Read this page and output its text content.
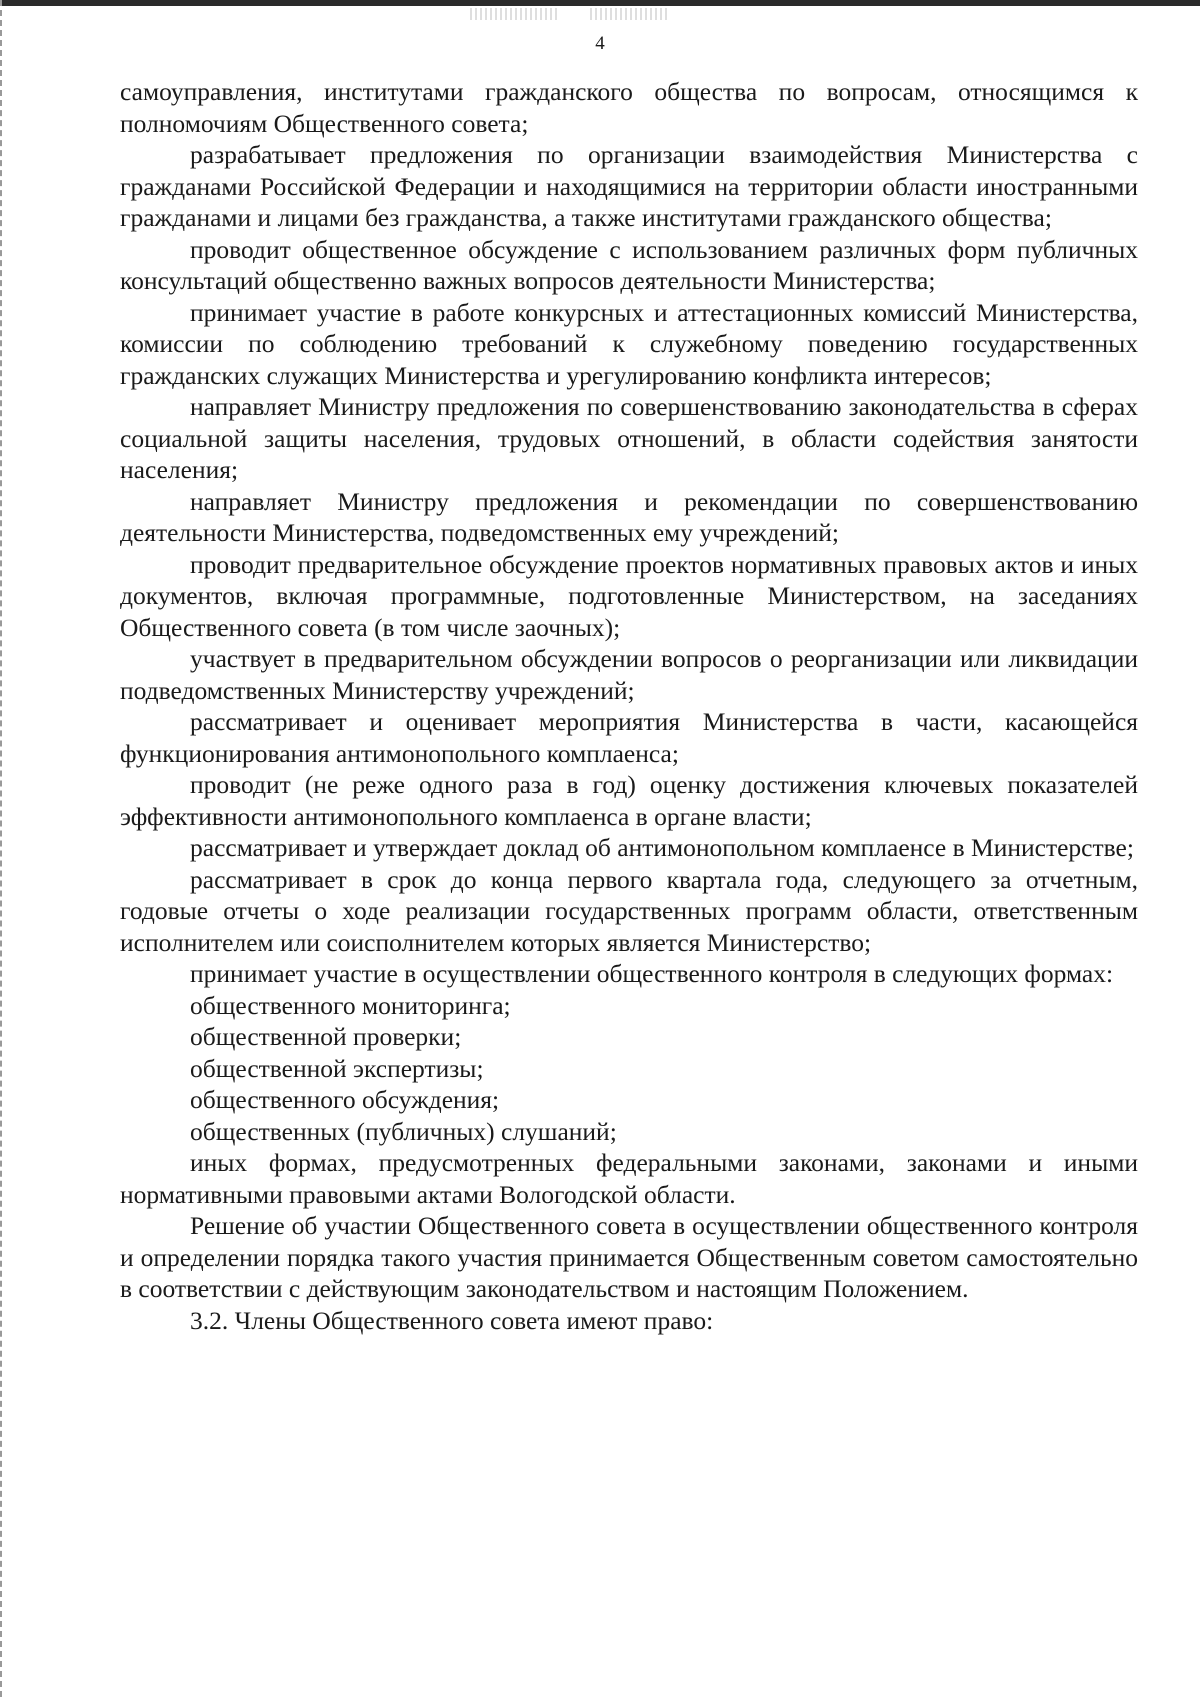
4

самоуправления, институтами гражданского общества по вопросам, относящимся к полномочиям Общественного совета;

разрабатывает предложения по организации взаимодействия Министерства с гражданами Российской Федерации и находящимися на территории области иностранными гражданами и лицами без гражданства, а также институтами гражданского общества;

проводит общественное обсуждение с использованием различных форм публичных консультаций общественно важных вопросов деятельности Министерства;

принимает участие в работе конкурсных и аттестационных комиссий Министерства, комиссии по соблюдению требований к служебному поведению государственных гражданских служащих Министерства и урегулированию конфликта интересов;

направляет Министру предложения по совершенствованию законодательства в сферах социальной защиты населения, трудовых отношений, в области содействия занятости населения;

направляет Министру предложения и рекомендации по совершенствованию деятельности Министерства, подведомственных ему учреждений;

проводит предварительное обсуждение проектов нормативных правовых актов и иных документов, включая программные, подготовленные Министерством, на заседаниях Общественного совета (в том числе заочных);

участвует в предварительном обсуждении вопросов о реорганизации или ликвидации подведомственных Министерству учреждений;

рассматривает и оценивает мероприятия Министерства в части, касающейся функционирования антимонопольного комплаенса;

проводит (не реже одного раза в год) оценку достижения ключевых показателей эффективности антимонопольного комплаенса в органе власти;

рассматривает и утверждает доклад об антимонопольном комплаенсе в Министерстве;

рассматривает в срок до конца первого квартала года, следующего за отчетным, годовые отчеты о ходе реализации государственных программ области, ответственным исполнителем или соисполнителем которых является Министерство;

принимает участие в осуществлении общественного контроля в следующих формах:

общественного мониторинга;

общественной проверки;

общественной экспертизы;

общественного обсуждения;

общественных (публичных) слушаний;

иных формах, предусмотренных федеральными законами, законами и иными нормативными правовыми актами Вологодской области.

Решение об участии Общественного совета в осуществлении общественного контроля и определении порядка такого участия принимается Общественным советом самостоятельно в соответствии с действующим законодательством и настоящим Положением.

3.2. Члены Общественного совета имеют право:
